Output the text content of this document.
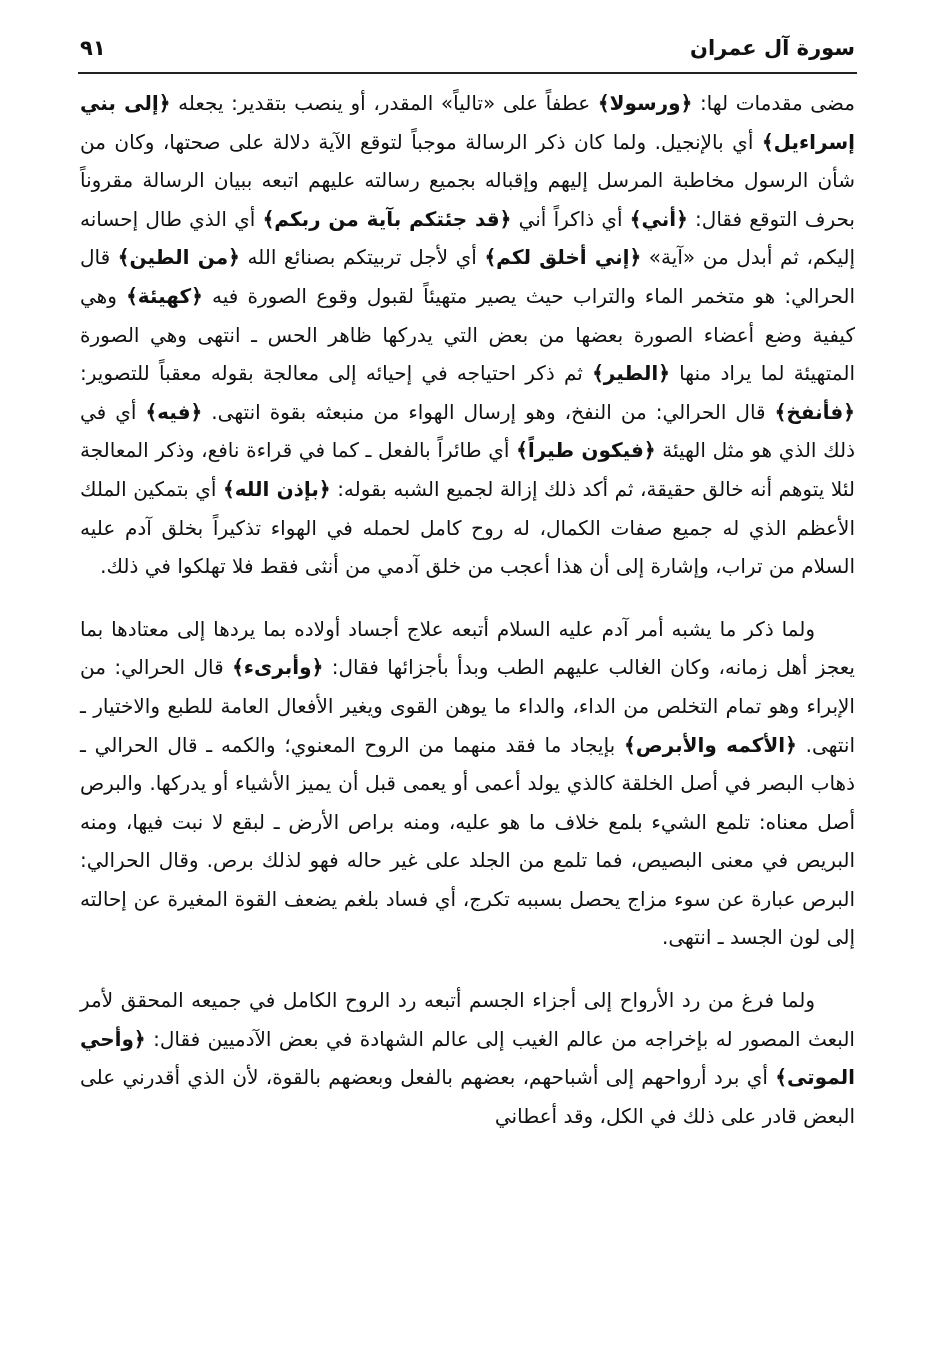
سورة آل عمران
٩١

مضى مقدمات لها: ﴿ورسولا﴾ عطفاً على «تالياً» المقدر، أو ينصب بتقدير: يجعله ﴿إلى بني إسراءيل﴾ أي بالإنجيل. ولما كان ذكر الرسالة موجباً لتوقع الآية دلالة على صحتها، وكان من شأن الرسول مخاطبة المرسل إليهم وإقباله بجميع رسالته عليهم اتبعه ببيان الرسالة مقروناً بحرف التوقع فقال: ﴿أني﴾ أي ذاكراً أني ﴿قد جئتكم بآية من ربكم﴾ أي الذي طال إحسانه إليكم، ثم أبدل من «آية» ﴿إني أخلق لكم﴾ أي لأجل تربيتكم بصنائع الله ﴿من الطين﴾ قال الحرالي: هو متخمر الماء والتراب حيث يصير متهيئاً لقبول وقوع الصورة فيه ﴿كهيئة﴾ وهي كيفية وضع أعضاء الصورة بعضها من بعض التي يدركها ظاهر الحس ـ انتهى وهي الصورة المتهيئة لما يراد منها ﴿الطير﴾ ثم ذكر احتياجه في إحيائه إلى معالجة بقوله معقباً للتصوير: ﴿فأنفخ﴾ قال الحرالي: من النفخ، وهو إرسال الهواء من منبعثه بقوة انتهى. ﴿فيه﴾ أي في ذلك الذي هو مثل الهيئة ﴿فيكون طيراً﴾ أي طائراً بالفعل ـ كما في قراءة نافع، وذكر المعالجة لئلا يتوهم أنه خالق حقيقة، ثم أكد ذلك إزالة لجميع الشبه بقوله: ﴿بإذن الله﴾ أي بتمكين الملك الأعظم الذي له جميع صفات الكمال، له روح كامل لحمله في الهواء تذكيراً بخلق آدم عليه السلام من تراب، وإشارة إلى أن هذا أعجب من خلق آدمي من أنثى فقط فلا تهلكوا في ذلك.

ولما ذكر ما يشبه أمر آدم عليه السلام أتبعه علاج أجساد أولاده بما يردها إلى معتادها بما يعجز أهل زمانه، وكان الغالب عليهم الطب وبدأ بأجزائها فقال: ﴿وأبرىء﴾ قال الحرالي: من الإبراء وهو تمام التخلص من الداء، والداء ما يوهن القوى ويغير الأفعال العامة للطبع والاختيار ـ انتهى. ﴿الأكمه والأبرص﴾ بإيجاد ما فقد منهما من الروح المعنوي؛ والكمه ـ قال الحرالي ـ ذهاب البصر في أصل الخلقة كالذي يولد أعمى أو يعمى قبل أن يميز الأشياء أو يدركها. والبرص أصل معناه: تلمع الشيء بلمع خلاف ما هو عليه، ومنه براص الأرض ـ لبقع لا نبت فيها، ومنه البريص في معنى البصيص، فما تلمع من الجلد على غير حاله فهو لذلك برص. وقال الحرالي: البرص عبارة عن سوء مزاج يحصل بسببه تكرج، أي فساد بلغم يضعف القوة المغيرة عن إحالته إلى لون الجسد ـ انتهى.

ولما فرغ من رد الأرواح إلى أجزاء الجسم أتبعه رد الروح الكامل في جميعه المحقق لأمر البعث المصور له بإخراجه من عالم الغيب إلى عالم الشهادة في بعض الآدميين فقال: ﴿وأحي الموتى﴾ أي برد أرواحهم إلى أشباحهم، بعضهم بالفعل وبعضهم بالقوة، لأن الذي أقدرني على البعض قادر على ذلك في الكل، وقد أعطاني
